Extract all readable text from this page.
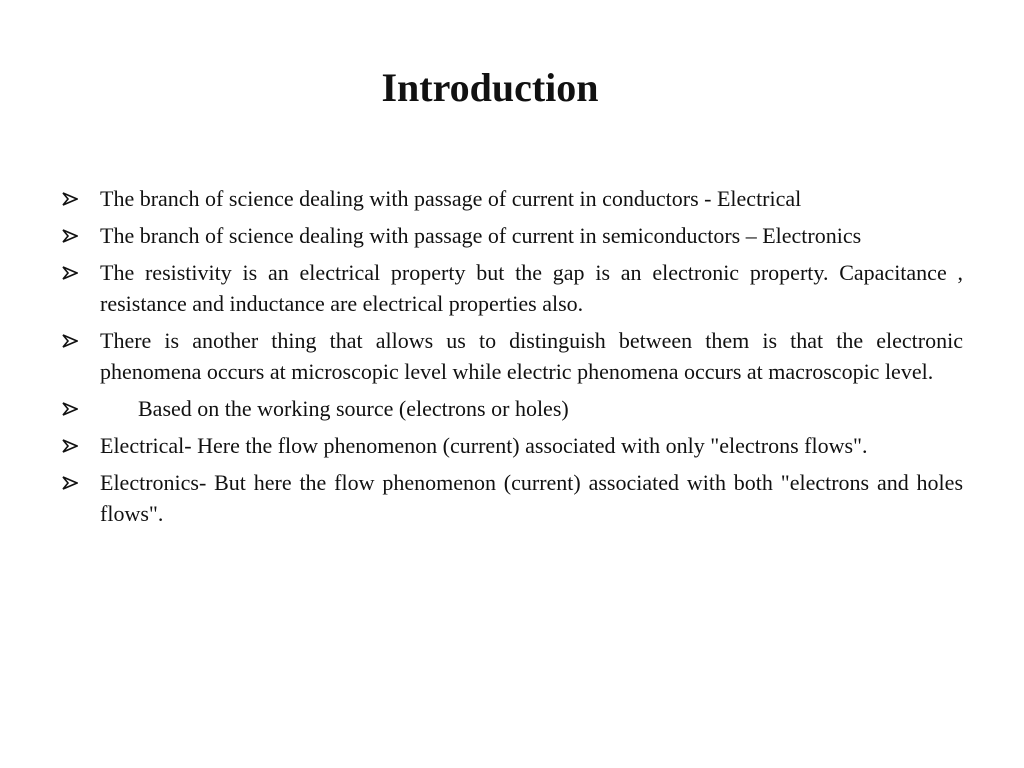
Introduction
The branch of science dealing with passage of current in conductors - Electrical
The branch of science dealing with passage of current in semiconductors – Electronics
The resistivity is an electrical property but the gap is an electronic property. Capacitance , resistance and inductance are electrical properties also.
There is another thing that allows us to distinguish between them is that the electronic phenomena occurs at microscopic level while electric phenomena occurs at macroscopic level.
Based on the working source (electrons or holes)
Electrical- Here the flow phenomenon (current) associated with only "electrons flows".
Electronics- But here the flow phenomenon (current) associated with both "electrons and holes flows".
